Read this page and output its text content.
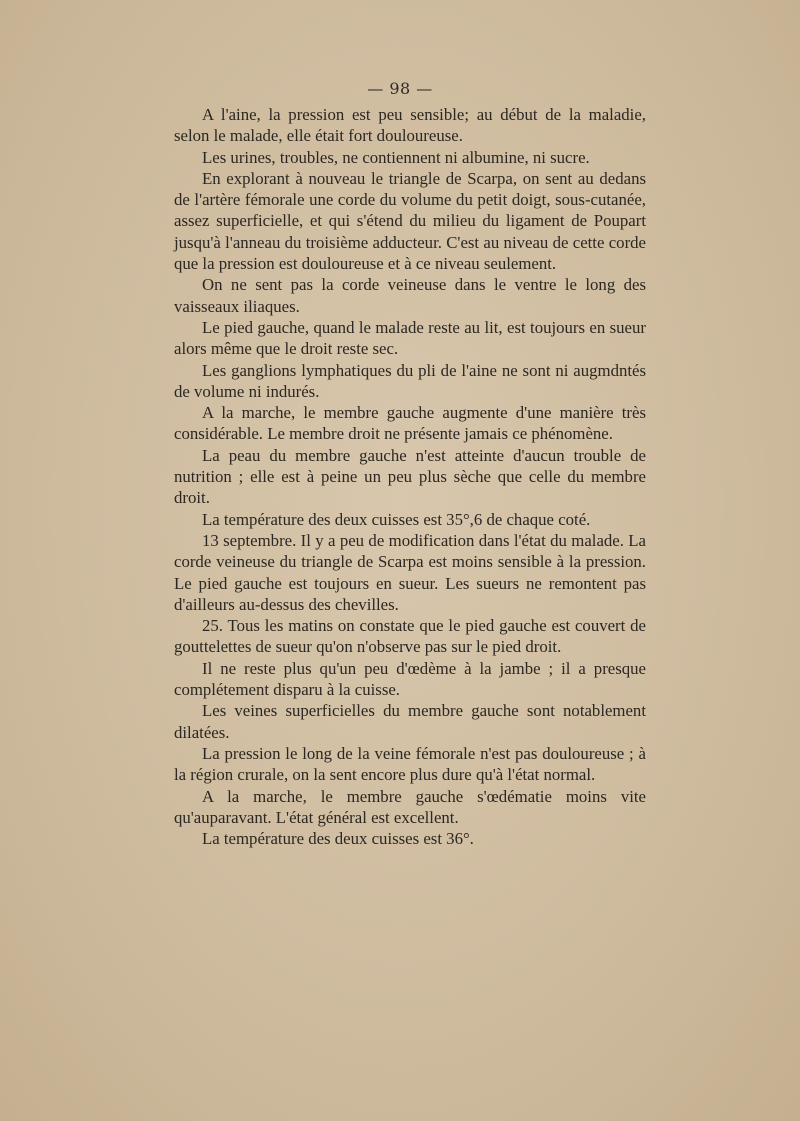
— 98 —

A l'aine, la pression est peu sensible; au début de la maladie, selon le malade, elle était fort douloureuse.

Les urines, troubles, ne contiennent ni albumine, ni sucre.

En explorant à nouveau le triangle de Scarpa, on sent au dedans de l'artère fémorale une corde du volume du petit doigt, sous-cutanée, assez superficielle, et qui s'étend du milieu du ligament de Poupart jusqu'à l'anneau du troisième adducteur. C'est au niveau de cette corde que la pression est douloureuse et à ce niveau seulement.

On ne sent pas la corde veineuse dans le ventre le long des vaisseaux iliaques.

Le pied gauche, quand le malade reste au lit, est toujours en sueur alors même que le droit reste sec.

Les ganglions lymphatiques du pli de l'aine ne sont ni augmdntés de volume ni indurés.

A la marche, le membre gauche augmente d'une manière très considérable. Le membre droit ne présente jamais ce phénomène.

La peau du membre gauche n'est atteinte d'aucun trouble de nutrition ; elle est à peine un peu plus sèche que celle du membre droit.

La température des deux cuisses est 35°,6 de chaque coté.

13 septembre. Il y a peu de modification dans l'état du malade. La corde veineuse du triangle de Scarpa est moins sensible à la pression. Le pied gauche est toujours en sueur. Les sueurs ne remontent pas d'ailleurs au-dessus des chevilles.

25. Tous les matins on constate que le pied gauche est couvert de gouttelettes de sueur qu'on n'observe pas sur le pied droit.

Il ne reste plus qu'un peu d'œdème à la jambe ; il a presque complétement disparu à la cuisse.

Les veines superficielles du membre gauche sont notablement dilatées.

La pression le long de la veine fémorale n'est pas douloureuse ; à la région crurale, on la sent encore plus dure qu'à l'état normal.

A la marche, le membre gauche s'œdématie moins vite qu'auparavant. L'état général est excellent.

La température des deux cuisses est 36°.
